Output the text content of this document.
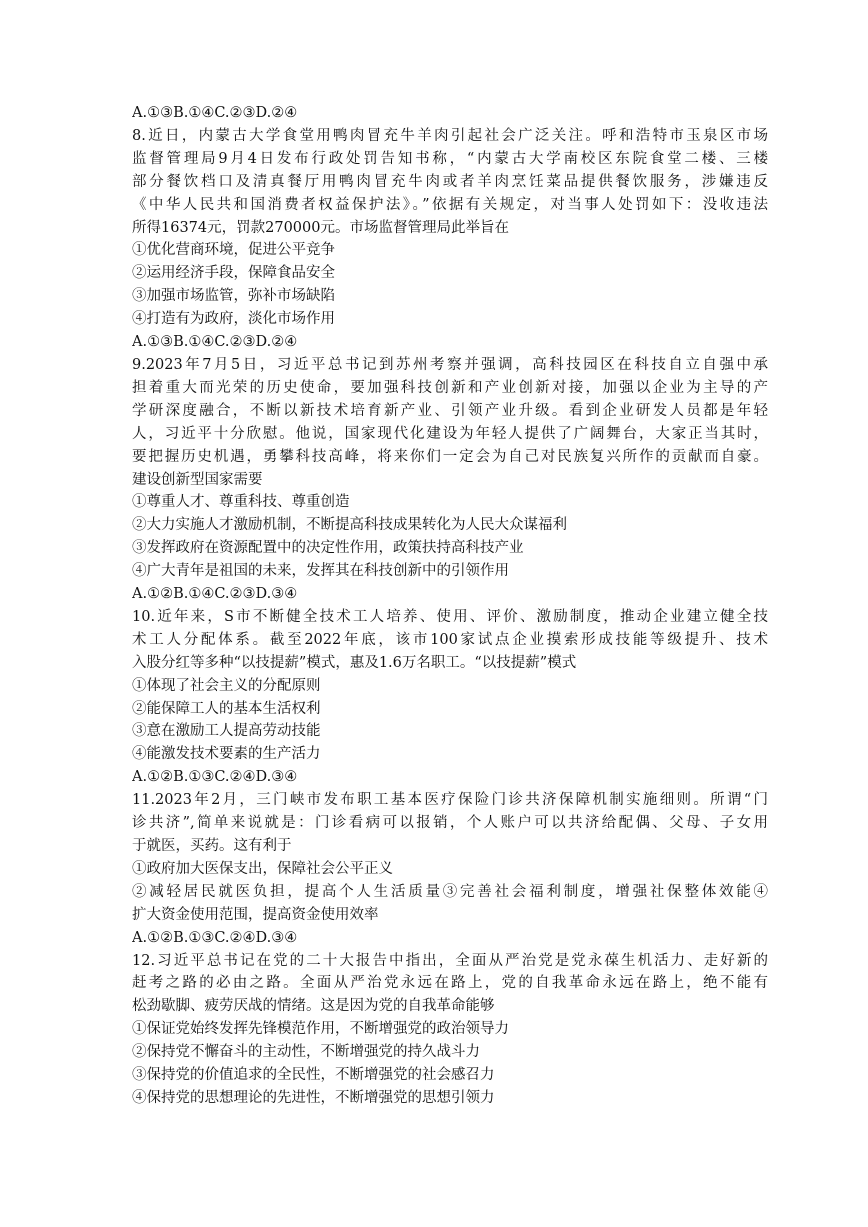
A.①③B.①④C.②③D.②④
8.近日，内蒙古大学食堂用鸭肉冒充牛羊肉引起社会广泛关注。呼和浩特市玉泉区市场
监督管理局9月4日发布行政处罚告知书称，“内蒙古大学南校区东院食堂二楼、三楼
部分餐饮档口及清真餐厅用鸭肉冒充牛肉或者羊肉烹饪菜品提供餐饮服务，涉嫌违反
《中华人民共和国消费者权益保护法》。”依据有关规定，对当事人处罚如下：没收违法
所得16374元，罚款270000元。市场监督管理局此举旨在
①优化营商环境，促进公平竞争
②运用经济手段，保障食品安全
③加强市场监管，弥补市场缺陷
④打造有为政府，淡化市场作用
A.①③B.①④C.②③D.②④
9.2023年7月5日，习近平总书记到苏州考察并强调，高科技园区在科技自立自强中承
担着重大而光荣的历史使命，要加强科技创新和产业创新对接，加强以企业为主导的产
学研深度融合，不断以新技术培育新产业、引领产业升级。看到企业研发人员都是年轻
人，习近平十分欣慰。他说，国家现代化建设为年轻人提供了广阔舞台，大家正当其时，
要把握历史机遇，勇攀科技高峰，将来你们一定会为自己对民族复兴所作的贡献而自豪。
建设创新型国家需要
①尊重人才、尊重科技、尊重创造
②大力实施人才激励机制，不断提高科技成果转化为人民大众谋福利
③发挥政府在资源配置中的决定性作用，政策扶持高科技产业
④广大青年是祖国的未来，发挥其在科技创新中的引领作用
A.①②B.①④C.②③D.③④
10.近年来，S市不断健全技术工人培养、使用、评价、激励制度，推动企业建立健全技
术工人分配体系。截至2022年底，该市100家试点企业摸索形成技能等级提升、技术
入股分红等多种“以技提薪”模式，惠及1.6万名职工。“以技提薪”模式
①体现了社会主义的分配原则
②能保障工人的基本生活权利
③意在激励工人提高劳动技能
④能激发技术要素的生产活力
A.①②B.①③C.②④D.③④
11.2023年2月，三门峡市发布职工基本医疗保险门诊共济保障机制实施细则。所谓“门
诊共济”,简单来说就是：门诊看病可以报销，个人账户可以共济给配偶、父母、子女用
于就医，买药。这有利于
①政府加大医保支出，保障社会公平正义
②减轻居民就医负担，提高个人生活质量③完善社会福利制度，增强社保整体效能④
扩大资金使用范围，提高资金使用效率
A.①②B.①③C.②④D.③④
12.习近平总书记在党的二十大报告中指出，全面从严治党是党永葆生机活力、走好新的
赶考之路的必由之路。全面从严治党永远在路上，党的自我革命永远在路上，绝不能有
松劲歇脚、疲劳厌战的情绪。这是因为党的自我革命能够
①保证党始终发挥先锋模范作用，不断增强党的政治领导力
②保持党不懈奋斗的主动性，不断增强党的持久战斗力
③保持党的价值追求的全民性，不断增强党的社会感召力
④保持党的思想理论的先进性，不断增强党的思想引领力
